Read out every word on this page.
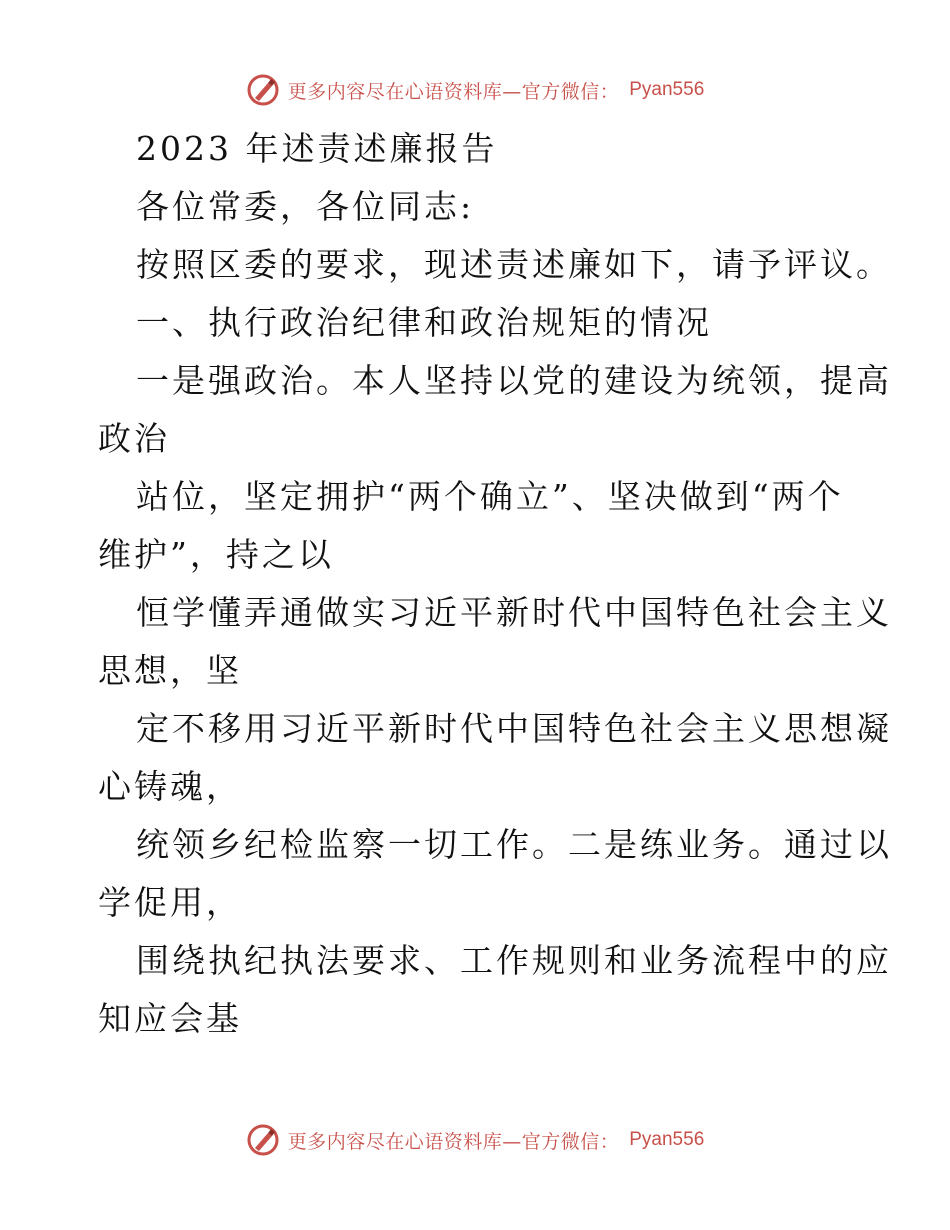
更多内容尽在心语资料库—官方微信： Pyan556

2023 年述责述廉报告

各位常委，各位同志:

按照区委的要求，现述责述廉如下，请予评议。

一、执行政治纪律和政治规矩的情况

一是强政治。本人坚持以党的建设为统领，提高

政治

站位，坚定拥护“两个确立”、坚决做到“两个

维护”，持之以

恒学懂弄通做实习近平新时代中国特色社会主义

思想，坚

定不移用习近平新时代中国特色社会主义思想凝

心铸魂，

统领乡纪检监察一切工作。二是练业务。通过以

学促用，

围绕执纪执法要求、工作规则和业务流程中的应

知应会基

更多内容尽在心语资料库—官方微信： Pyan556
